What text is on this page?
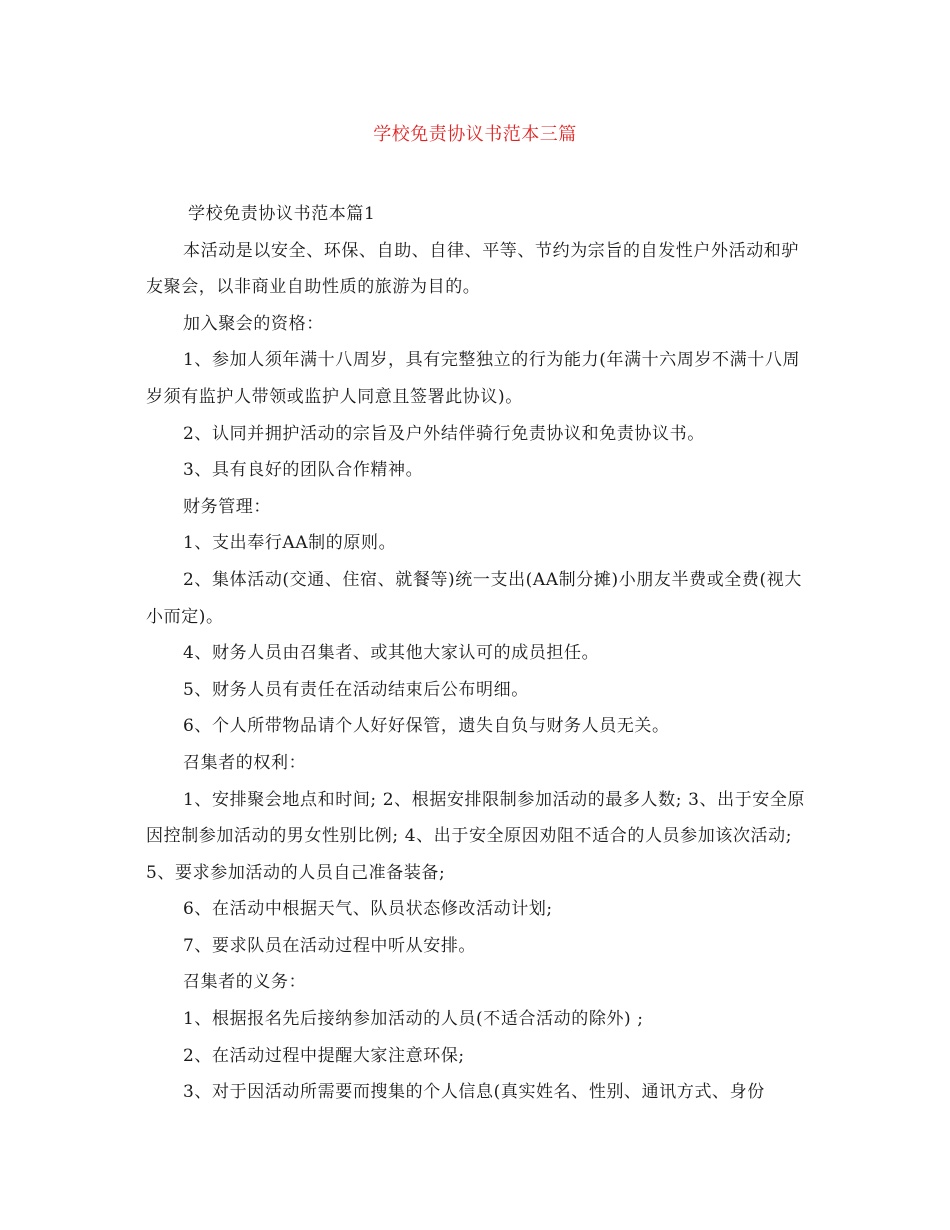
学校免责协议书范本三篇

学校免责协议书范本篇1

本活动是以安全、环保、自助、自律、平等、节约为宗旨的自发性户外活动和驴友聚会，以非商业自助性质的旅游为目的。

加入聚会的资格：

1、参加人须年满十八周岁，具有完整独立的行为能力(年满十六周岁不满十八周岁须有监护人带领或监护人同意且签署此协议)。

2、认同并拥护活动的宗旨及户外结伴骑行免责协议和免责协议书。

3、具有良好的团队合作精神。

财务管理：

1、支出奉行AA制的原则。

2、集体活动(交通、住宿、就餐等)统一支出(AA制分摊)小朋友半费或全费(视大小而定)。

4、财务人员由召集者、或其他大家认可的成员担任。

5、财务人员有责任在活动结束后公布明细。

6、个人所带物品请个人好好保管，遗失自负与财务人员无关。

召集者的权利：

1、安排聚会地点和时间; 2、根据安排限制参加活动的最多人数; 3、出于安全原因控制参加活动的男女性别比例; 4、出于安全原因劝阻不适合的人员参加该次活动; 5、要求参加活动的人员自己准备装备;

6、在活动中根据天气、队员状态修改活动计划;

7、要求队员在活动过程中听从安排。

召集者的义务：

1、根据报名先后接纳参加活动的人员(不适合活动的除外) ;

2、在活动过程中提醒大家注意环保;

3、对于因活动所需要而搜集的个人信息(真实姓名、性别、通讯方式、身份
